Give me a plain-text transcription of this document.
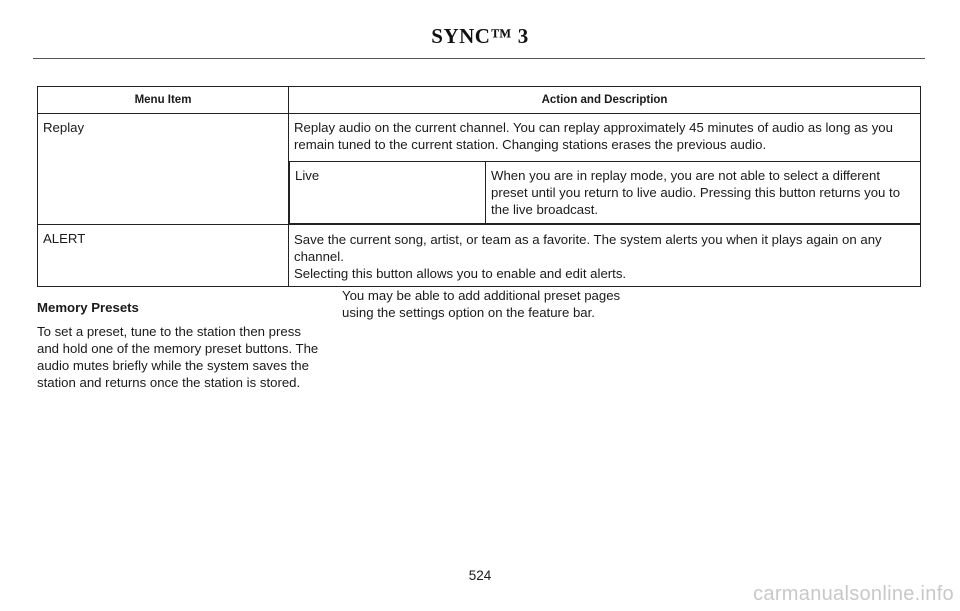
SYNC™ 3
Menu Item	Action and Description

Replay	Replay audio on the current channel. You can replay approximately 45 minutes of audio as long as you remain tuned to the current station. Changing stations erases the previous audio.
Live	When you are in replay mode, you are not able to select a different preset until you return to live audio. Pressing this button returns you to the live broadcast.

ALERT	Save the current song, artist, or team as a favorite. The system alerts you when it plays again on any channel.
Selecting this button allows you to enable and edit alerts.

Memory Presets

To set a preset, tune to the station then press and hold one of the memory preset buttons. The audio mutes briefly while the system saves the station and returns once the station is stored.

You may be able to add additional preset pages using the settings option on the feature bar.

524
carmanualsonline.info
